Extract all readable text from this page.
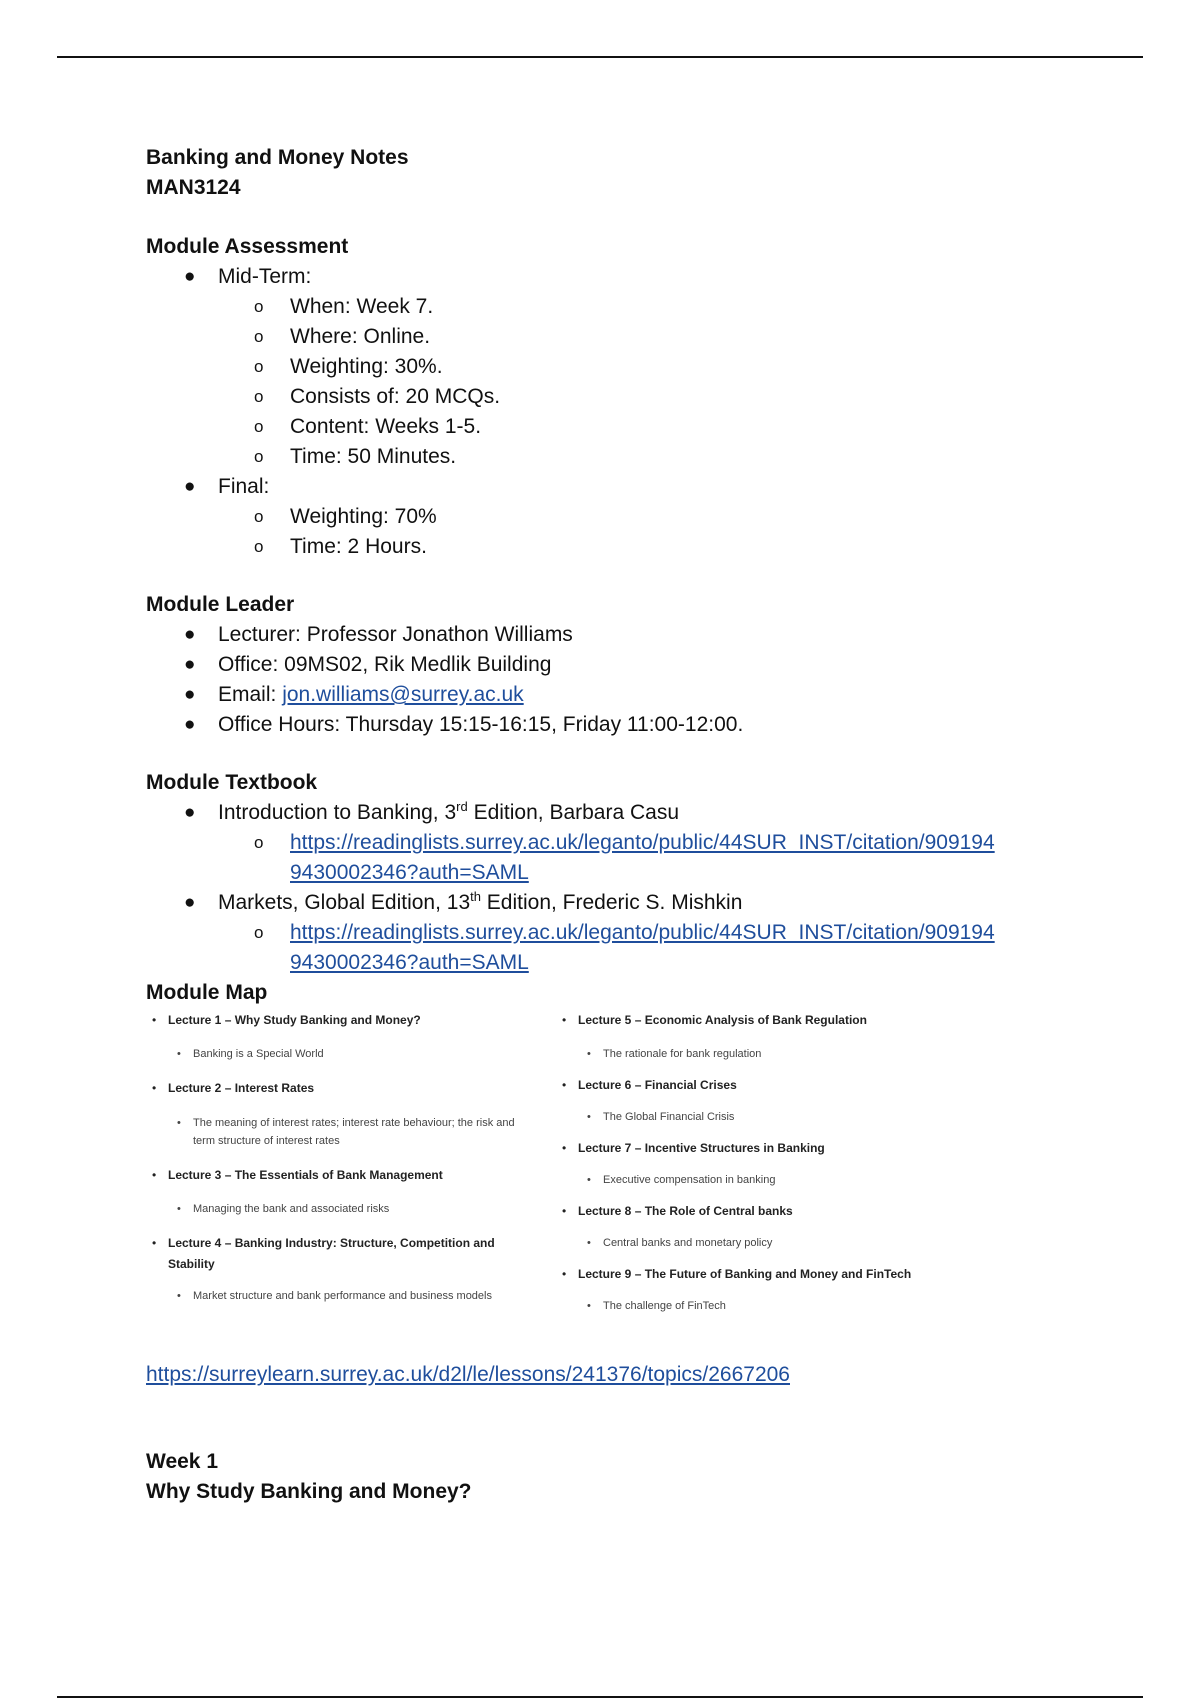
Banking and Money Notes
MAN3124
Module Assessment
● Mid-Term:
o When: Week 7.
o Where: Online.
o Weighting: 30%.
o Consists of: 20 MCQs.
o Content: Weeks 1-5.
o Time: 50 Minutes.
● Final:
o Weighting: 70%
o Time: 2 Hours.
Module Leader
● Lecturer: Professor Jonathon Williams
● Office: 09MS02, Rik Medlik Building
● Email: jon.williams@surrey.ac.uk
● Office Hours: Thursday 15:15-16:15, Friday 11:00-12:00.
Module Textbook
● Introduction to Banking, 3rd Edition, Barbara Casu
o https://readinglists.surrey.ac.uk/leganto/public/44SUR_INST/citation/909194
9430002346?auth=SAML
● Markets, Global Edition, 13th Edition, Frederic S. Mishkin
o https://readinglists.surrey.ac.uk/leganto/public/44SUR_INST/citation/909194
9430002346?auth=SAML
Module Map
• Lecture 1 – Why Study Banking and Money?
• Banking is a Special World
• Lecture 2 – Interest Rates
• The meaning of interest rates; interest rate behaviour; the risk and term structure of interest rates
• Lecture 3 – The Essentials of Bank Management
• Managing the bank and associated risks
• Lecture 4 – Banking Industry: Structure, Competition and Stability
• Market structure and bank performance and business models
• Lecture 5 – Economic Analysis of Bank Regulation
• The rationale for bank regulation
• Lecture 6 – Financial Crises
• The Global Financial Crisis
• Lecture 7 – Incentive Structures in Banking
• Executive compensation in banking
• Lecture 8 – The Role of Central banks
• Central banks and monetary policy
• Lecture 9 – The Future of Banking and Money and FinTech
• The challenge of FinTech
https://surreylearn.surrey.ac.uk/d2l/le/lessons/241376/topics/2667206
Week 1
Why Study Banking and Money?
